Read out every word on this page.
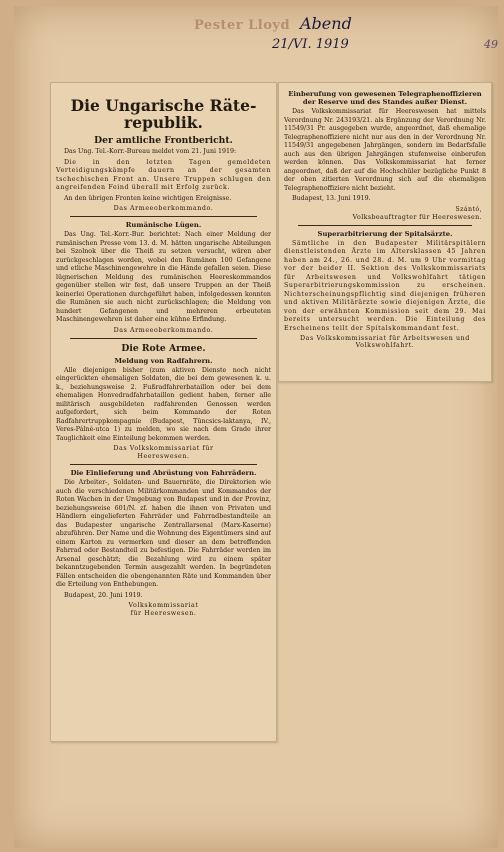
Pester Lloyd Abend
21/VI. 1919	49
Die Ungarische Räterepublik.
Der amtliche Frontbericht.

Das Ung. Tel.-Korr.-Bureau meldet vom 21. Juni 1919:

Die in den letzten Tagen gemeldeten Verteidigungskämpfe dauern an der gesamten tschechischen Front an. Unsere Truppen schlugen den angreifenden Feind überall mit Erfolg zurück.

An den übrigen Fronten keine wichtigen Ereignisse.

Das Armeeoberkommando.
Rumänische Lügen.

Das Ung. Tel.-Korr.-Bur. berichtet: Nach einer Meldung der rumänischen Presse vom 13. d. M. hätten ungarische Abteilungen bei Szolnok über die Theiß zu setzen versucht, wären aber zurückgeschlagen worden, wobei den Rumänen 100 Gefangene und etliche Maschinengewehre in die Hände gefallen seien. Diese lügnerischen Meldung des rumänischen Heereskommandos gegenüber stellen wir fest, daß unsere Truppen an der Theiß keinerlei Operationen durchgeführt haben, infolgedessen konnten die Rumänen sie auch nicht zurückschlagen; die Meldung von hundert Gefangenen und mehreren erbeuteten Maschinengewehren ist daher eine kühne Erfindung.

Das Armeeoberkommando.
Die Rote Armee.
Meldung von Radfahrern.

Alle diejenigen bisher (zum aktiven Dienste noch nicht eingerückten ehemaligen Soldaten, die bei dem gewesenen k. u. k., beziehungsweise 2. Fußradfahrerbataillon oder bei dem ehemaligen Honvedradfahrbataillon gedient haben, ferner alle militärisch ausgebildeten radfahrenden Genossen werden aufgefordert, sich beim Kommando der Roten Radfahrertruppkompagnie (Budapest, Tüncsics-laktanya, IV., Veres-Pálné-utca 1) zu melden, wo sie nach dem Grade ihrer Tauglichkeit eine Einteilung bekommen werden.

Das Volkskommissariat für
Heereswesen.
Die Einlieferung und Abrüstung von Fahrrädern.

Die Arbeiter-, Soldaten- und Bauernräte, die Direktorien wie auch die verschiedenen Militärkommanden und Kommandos der Roten Wachen in der Umgebung von Budapest und in der Provinz, beziehungsweise 601/N. zf. haben die ihnen von Privaten und Händlern eingelieferten Fahrräder und Fahrradbestandteile an das Budapester ungarische Zentrallarsenal (Marx-Kaserne) abzuführen. Der Name und die Wohnung des Eigentümers sind auf einem Karton zu vermerken und dieser an dem betreffenden Fahrrad oder Bestandteil zu befestigen. Die Fahrräder werden im Arsenal geschätzt; die Bezahlung wird zu einem später bekanntzugebenden Termin ausgezahlt werden. In begründeten Fällen entscheiden die obengenannten Räte und Kommanden über die Erteilung von Enthebungen.

Budapest, 20. Juni 1919.

Volkskommissariat
für Heereswesen.
Einberufung von gewesenen Telegraphenoffizieren der Reserve und des Standes außer Dienst.

Das Volkskommissariat für Heereswesen hat mittels Verordnung Nr. 243193/21. als Ergänzung der Verordnung Nr. 11549/31 Pr. ausgegeben wurde, angeordnet, daß ehemalige Telegraphenoffiziere nicht nur aus den in der Verordnung Nr. 11549/31 angegebenen Jahrgängen, sondern im Bedarfsfalle auch aus den übrigen Jahrgängen stufenweise einberufen werden können. Das Volkskommissariat hat ferner angeordnet, daß der auf die Hochschüler bezügliche Punkt 8 der oben zitierten Verordnung sich auf die ehemaligen Telegraphenoffiziere nicht bezieht.

Budapest, 13. Juni 1919.

Szántó,
Volksbeauftragter für Heereswesen.
Superarbitrierung der Spitalsärzte.

Sämtliche in den Budapester Militärspitälern dienstleistenden Ärzte im Altersklassen 45 Jahren haben am 24., 26. und 28. d. M. um 9 Uhr vormittag vor der beider II. Sektion des Volkskommissariats für Arbeitswesen und Volkswohlfahrt tätigen Superarbitrierungskommission zu erscheinen. Nichterscheinungspflichtig sind diejenigen früheren und aktiven Militärärzte sowie diejenigen Ärzte, die von der erwähnten Kommission seit dem 29. Mai bereits untersucht werden. Die Einteilung des Erscheinens teilt der Spitalskommandant fest.

Das Volkskommissariat für Arbeitswesen und Volkswohlfahrt.
